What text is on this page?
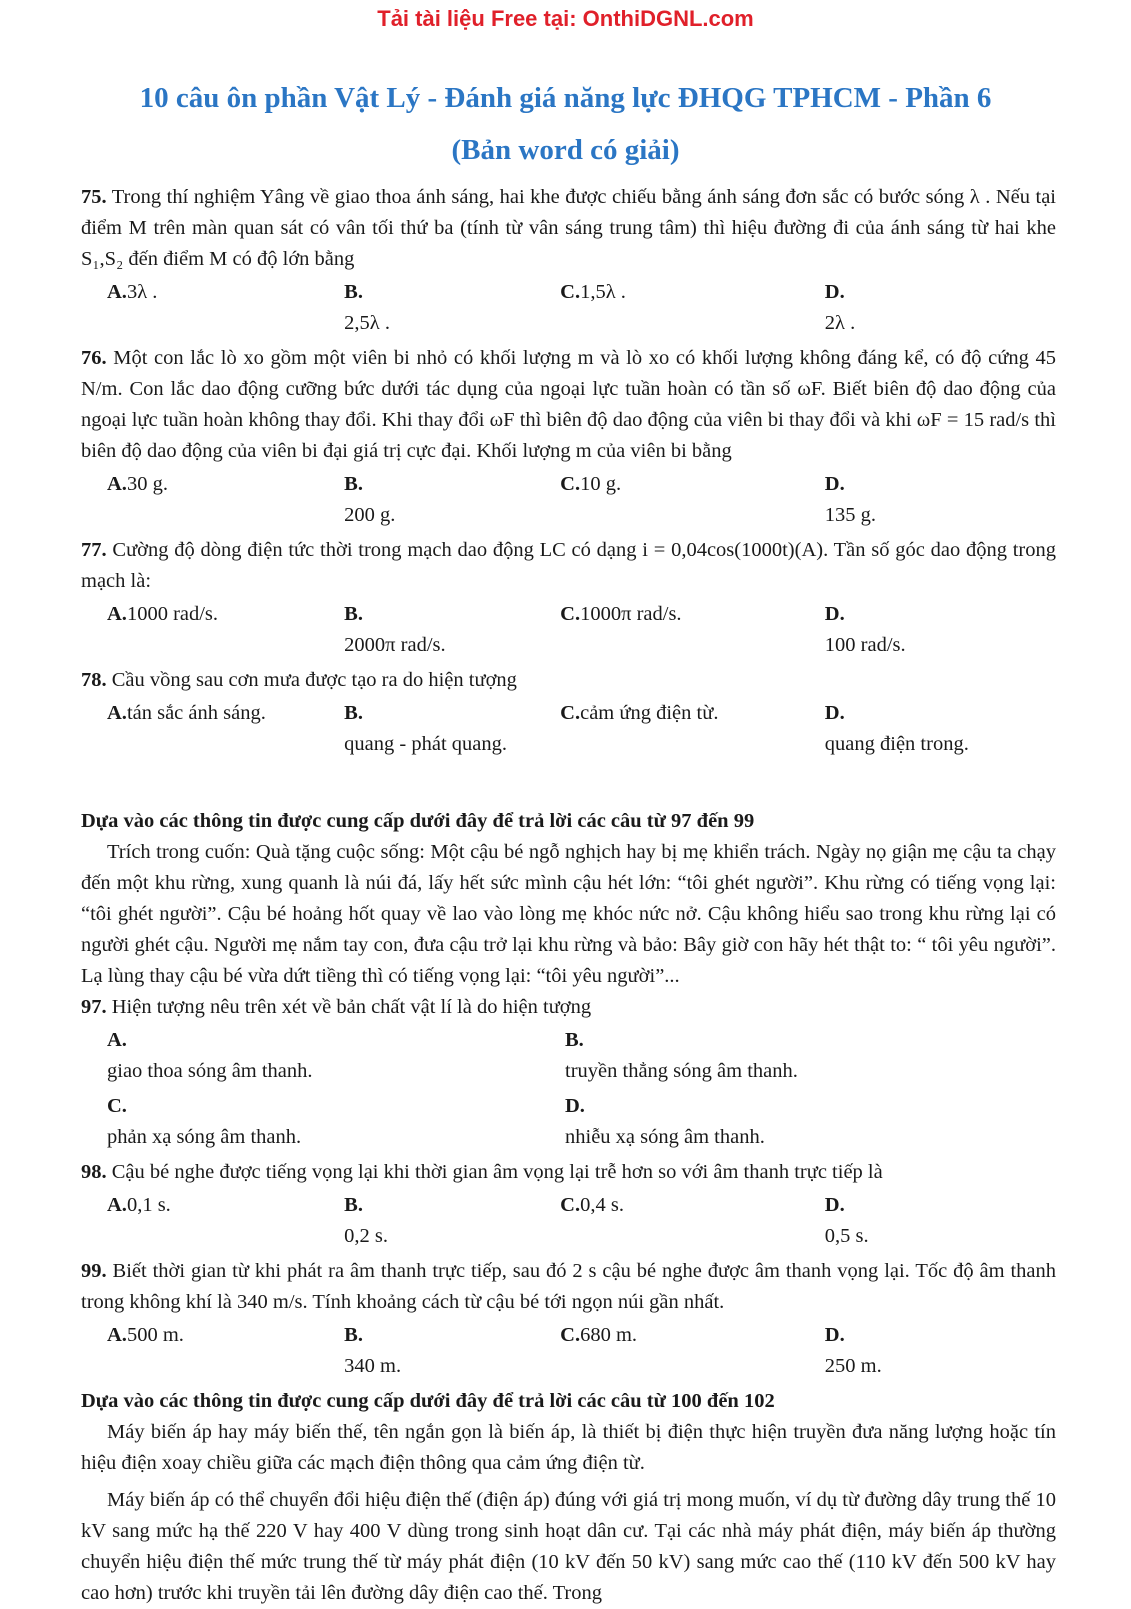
Tải tài liệu Free tại: OnthiDGNL.com
10 câu ôn phần Vật Lý - Đánh giá năng lực ĐHQG TPHCM - Phần 6
(Bản word có giải)

75. Trong thí nghiệm Yâng về giao thoa ánh sáng, hai khe được chiếu bằng ánh sáng đơn sắc có bước sóng λ . Nếu tại điểm M trên màn quan sát có vân tối thứ ba (tính từ vân sáng trung tâm) thì hiệu đường đi của ánh sáng từ hai khe S₁,S₂ đến điểm M có độ lớn bằng

A.3λ .	B.2,5λ .
C.1,5λ .	D.2λ .

76. Một con lắc lò xo gồm một viên bi nhỏ có khối lượng m và lò xo có khối lượng không đáng kể, có độ cứng 45 N/m. Con lắc dao động cưỡng bức dưới tác dụng của ngoại lực tuần hoàn có tần số ωF. Biết biên độ dao động của ngoại lực tuần hoàn không thay đổi. Khi thay đổi ωF thì biên độ dao động của viên bi thay đổi và khi ωF = 15 rad/s thì biên độ dao động của viên bi đại giá trị cực đại. Khối lượng m của viên bi bằng

A.30 g.	B.200 g.
C.10 g.	D.135 g.

77. Cường độ dòng điện tức thời trong mạch dao động LC có dạng i = 0,04cos(1000t)(A). Tần số góc dao động trong mạch là:

A.1000 rad/s.	B.2000π rad/s.
C.1000π rad/s.	D.100 rad/s.

78. Cầu vồng sau cơn mưa được tạo ra do hiện tượng

A.tán sắc ánh sáng.	B.quang - phát quang.
C.cảm ứng điện từ.	D.quang điện trong.

Dựa vào các thông tin được cung cấp dưới đây để trả lời các câu từ 97 đến 99

Trích trong cuốn: Quà tặng cuộc sống: Một cậu bé ngỗ nghịch hay bị mẹ khiển trách. Ngày nọ giận mẹ cậu ta chạy đến một khu rừng, xung quanh là núi đá, lấy hết sức mình cậu hét lớn: “tôi ghét người”. Khu rừng có tiếng vọng lại: “tôi ghét người”. Cậu bé hoảng hốt quay về lao vào lòng mẹ khóc nức nở. Cậu không hiểu sao trong khu rừng lại có người ghét cậu. Người mẹ nắm tay con, đưa cậu trở lại khu rừng và bảo: Bây giờ con hãy hét thật to: “ tôi yêu người”. Lạ lùng thay cậu bé vừa dứt tiềng thì có tiếng vọng lại: “tôi yêu người”...

97. Hiện tượng nêu trên xét về bản chất vật lí là do hiện tượng

A.giao thoa sóng âm thanh.
B.truyền thẳng sóng âm thanh.
C.phản xạ sóng âm thanh.
D.nhiễu xạ sóng âm thanh.

98. Cậu bé nghe được tiếng vọng lại khi thời gian âm vọng lại trễ hơn so với âm thanh trực tiếp là

A.0,1 s.	B.0,2 s.
C.0,4 s.	D.0,5 s.

99. Biết thời gian từ khi phát ra âm thanh trực tiếp, sau đó 2 s cậu bé nghe được âm thanh vọng lại. Tốc độ âm thanh trong không khí là 340 m/s. Tính khoảng cách từ cậu bé tới ngọn núi gần nhất.

A.500 m.	B.340 m.
C.680 m.	D.250 m.

Dựa vào các thông tin được cung cấp dưới đây để trả lời các câu từ 100 đến 102

Máy biến áp hay máy biến thế, tên ngắn gọn là biến áp, là thiết bị điện thực hiện truyền đưa năng lượng hoặc tín hiệu điện xoay chiều giữa các mạch điện thông qua cảm ứng điện từ.

Máy biến áp có thể chuyển đổi hiệu điện thế (điện áp) đúng với giá trị mong muốn, ví dụ từ đường dây trung thế 10 kV sang mức hạ thế 220 V hay 400 V dùng trong sinh hoạt dân cư. Tại các nhà máy phát điện, máy biến áp thường chuyển hiệu điện thế mức trung thế từ máy phát điện (10 kV đến 50 kV) sang mức cao thế (110 kV đến 500 kV hay cao hơn) trước khi truyền tải lên đường dây điện cao thế. Trong
